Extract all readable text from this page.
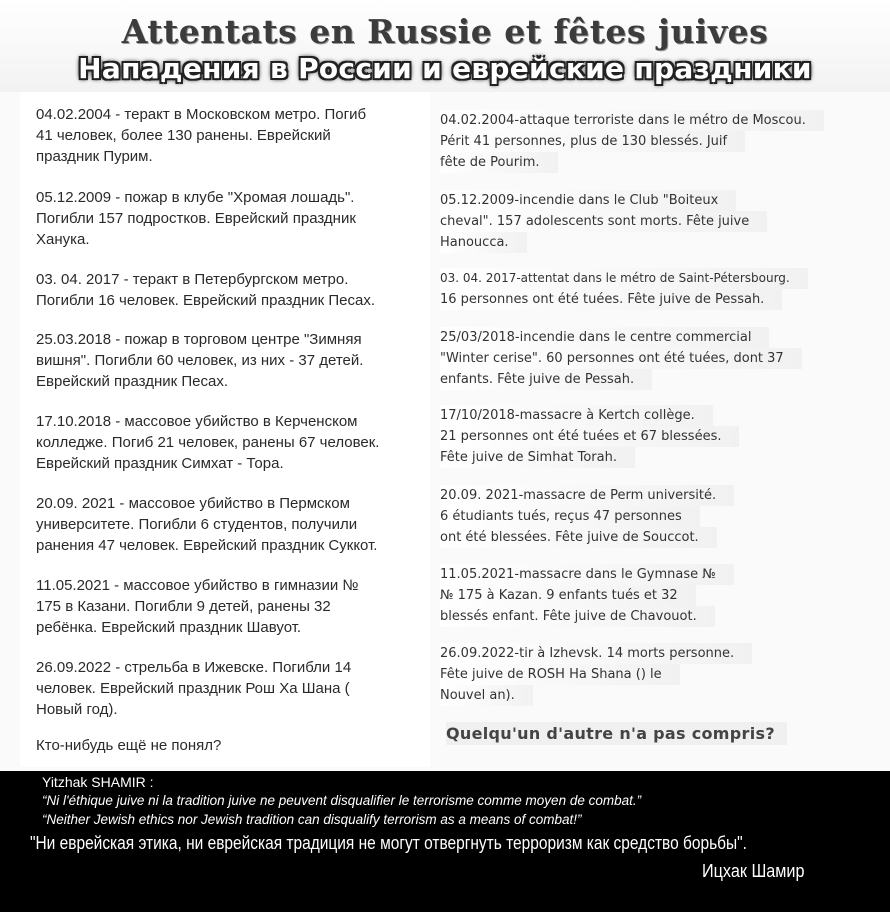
Attentats en Russie et fêtes juives
Нападения в России и еврейские праздники
04.02.2004 - теракт в Московском метро. Погиб
41 человек, более 130 ранены. Еврейский
праздник Пурим.
05.12.2009 - пожар в клубе "Хромая лошадь".
Погибли 157 подростков. Еврейский праздник
Ханука.
03. 04. 2017 - теракт в Петербургском метро.
Погибли 16 человек. Еврейский праздник Песах.
25.03.2018 - пожар в торговом центре "Зимняя
вишня". Погибли 60 человек, из них - 37 детей.
Еврейский праздник Песах.
17.10.2018 - массовое убийство в Керченском
колледже. Погиб 21 человек, ранены 67 человек.
Еврейский праздник Симхат - Тора.
20.09. 2021 - массовое убийство в Пермском
университете. Погибли 6 студентов, получили
ранения 47 человек. Еврейский праздник Суккот.
11.05.2021 - массовое убийство в гимназии №
175 в Казани. Погибли 9 детей, ранены 32
ребёнка. Еврейский праздник Шавуот.
26.09.2022 - стрельба в Ижевске. Погибли 14
человек. Еврейский праздник Рош Ха Шана (
Новый год).
Кто-нибудь ещё не понял?
04.02.2004-attaque terroriste dans le métro de Moscou.
Périt 41 personnes, plus de 130 blessés. Juif
fête de Pourim.
05.12.2009-incendie dans le Club "Boiteux
cheval". 157 adolescents sont morts. Fête juive
Hanoucca.
03. 04. 2017-attentat dans le métro de Saint-Pétersbourg.
16 personnes ont été tuées. Fête juive de Pessah.
25/03/2018-incendie dans le centre commercial
"Winter cerise". 60 personnes ont été tuées, dont 37
enfants. Fête juive de Pessah.
17/10/2018-massacre à Kertch collège.
21 personnes ont été tuées et 67 blessées.
Fête juive de Simhat Torah.
20.09. 2021-massacre de Perm université.
6 étudiants tués, reçus 47 personnes
ont été blessées. Fête juive de Souccot.
11.05.2021-massacre dans le Gymnase №
№ 175 à Kazan. 9 enfants tués et 32
blessés enfant. Fête juive de Chavouot.
26.09.2022-tir à Izhevsk. 14 morts personne.
Fête juive de ROSH Ha Shana () le
Nouvel an).
Quelqu'un d'autre n'a pas compris?
Yitzhak SHAMIR :
“Ni l'éthique juive ni la tradition juive ne peuvent disqualifier le terrorisme comme moyen de combat.”
“Neither Jewish ethics nor Jewish tradition can disqualify terrorism as a means of combat!”
"Ни еврейская этика, ни еврейская традиция не могут отвергнуть терроризм как средство борьбы".
Ицхак Шамир
